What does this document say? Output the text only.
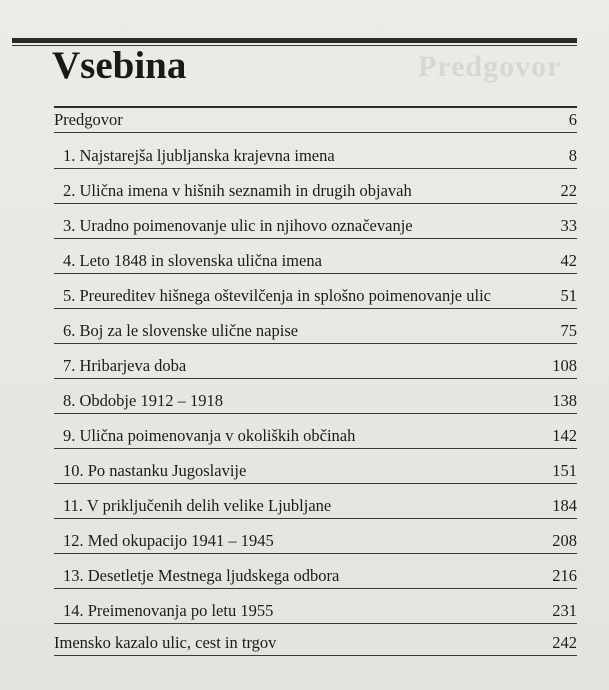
Predgovor
Vsebina
Predgovor	6
1. Najstarejša ljubljanska krajevna imena	8
2. Ulična imena v hišnih seznamih in drugih objavah	22
3. Uradno poimenovanje ulic in njihovo označevanje	33
4. Leto 1848 in slovenska ulična imena	42
5. Preureditev hišnega oštevilčenja in splošno poimenovanje ulic	51
6. Boj za le slovenske ulične napise	75
7. Hribarjeva doba	108
8. Obdobje 1912 – 1918	138
9. Ulična poimenovanja v okoliških občinah	142
10. Po nastanku Jugoslavije	151
11. V priključenih delih velike Ljubljane	184
12. Med okupacijo 1941 – 1945	208
13. Desetletje Mestnega ljudskega odbora	216
14. Preimenovanja po letu 1955	231
Imensko kazalo ulic, cest in trgov	242
